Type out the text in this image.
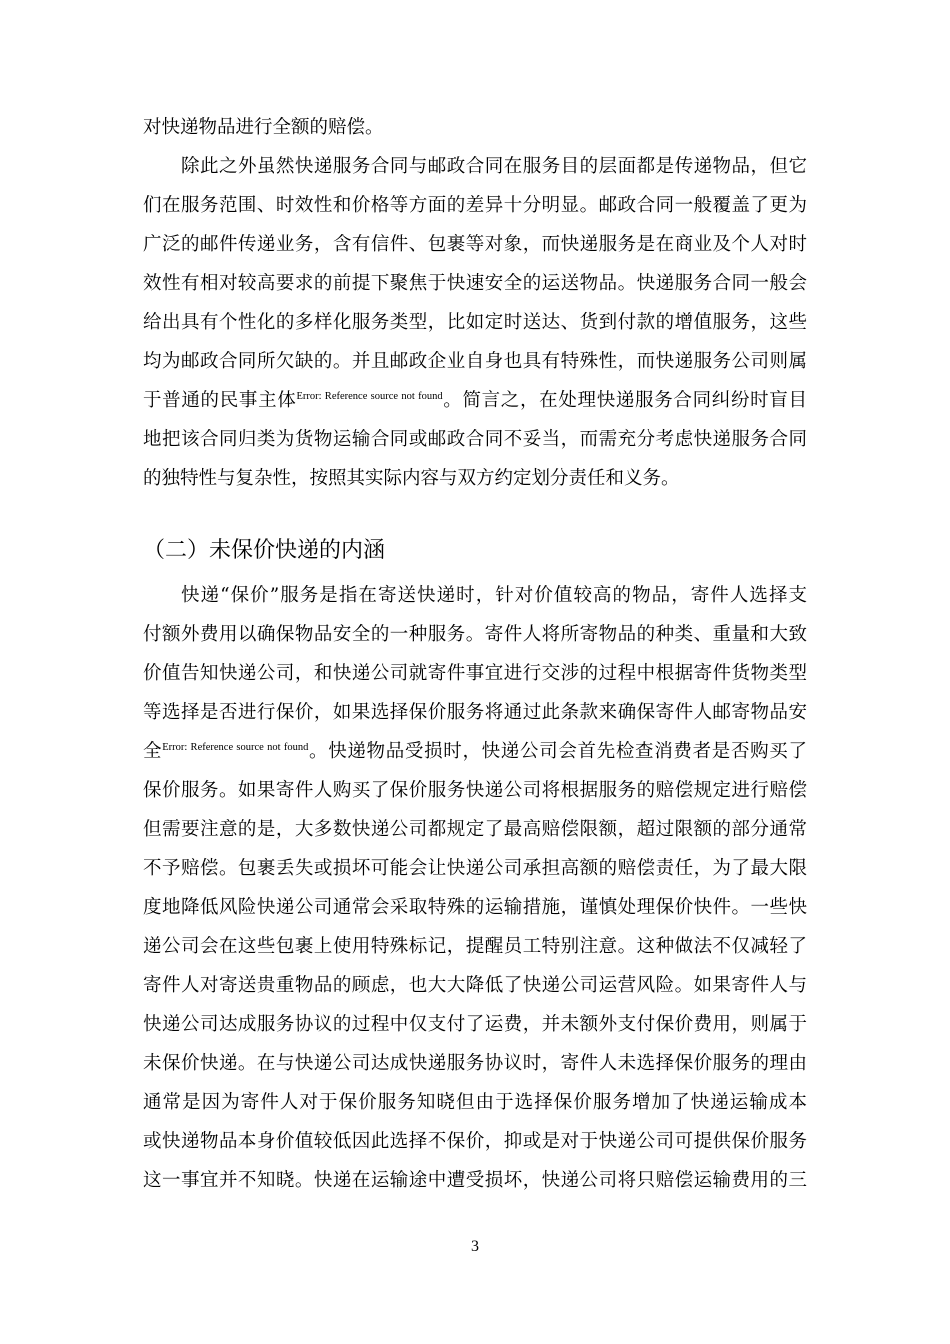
对快递物品进行全额的赔偿。
除此之外虽然快递服务合同与邮政合同在服务目的层面都是传递物品，但它
们在服务范围、时效性和价格等方面的差异十分明显。邮政合同一般覆盖了更为
广泛的邮件传递业务，含有信件、包裹等对象，而快递服务是在商业及个人对时
效性有相对较高要求的前提下聚焦于快速安全的运送物品。快递服务合同一般会
给出具有个性化的多样化服务类型，比如定时送达、货到付款的增值服务，这些
均为邮政合同所欠缺的。并且邮政企业自身也具有特殊性，而快递服务公司则属
于普通的民事主体$^{Error: Reference source not found}$。简言之，在处理快递服务合同纠纷时盲目
地把该合同归类为货物运输合同或邮政合同不妥当，而需充分考虑快递服务合同
的独特性与复杂性，按照其实际内容与双方约定划分责任和义务。
（二）未保价快递的内涵
快递“保价”服务是指在寄送快递时，针对价值较高的物品，寄件人选择支
付额外费用以确保物品安全的一种服务。寄件人将所寄物品的种类、重量和大致
价值告知快递公司，和快递公司就寄件事宜进行交涉的过程中根据寄件货物类型
等选择是否进行保价，如果选择保价服务将通过此条款来确保寄件人邮寄物品安
全$^{Error: Reference source not found}$。快递物品受损时，快递公司会首先检查消费者是否购买了
保价服务。如果寄件人购买了保价服务快递公司将根据服务的赔偿规定进行赔偿
但需要注意的是，大多数快递公司都规定了最高赔偿限额，超过限额的部分通常
不予赔偿。包裹丢失或损坏可能会让快递公司承担高额的赔偿责任，为了最大限
度地降低风险快递公司通常会采取特殊的运输措施，谨慎处理保价快件。一些快
递公司会在这些包裹上使用特殊标记，提醒员工特别注意。这种做法不仅减轻了
寄件人对寄送贵重物品的顾虑，也大大降低了快递公司运营风险。如果寄件人与
快递公司达成服务协议的过程中仅支付了运费，并未额外支付保价费用，则属于
未保价快递。在与快递公司达成快递服务协议时，寄件人未选择保价服务的理由
通常是因为寄件人对于保价服务知晓但由于选择保价服务增加了快递运输成本
或快递物品本身价值较低因此选择不保价，抑或是对于快递公司可提供保价服务
这一事宜并不知晓。快递在运输途中遭受损坏，快递公司将只赔偿运输费用的三
3
